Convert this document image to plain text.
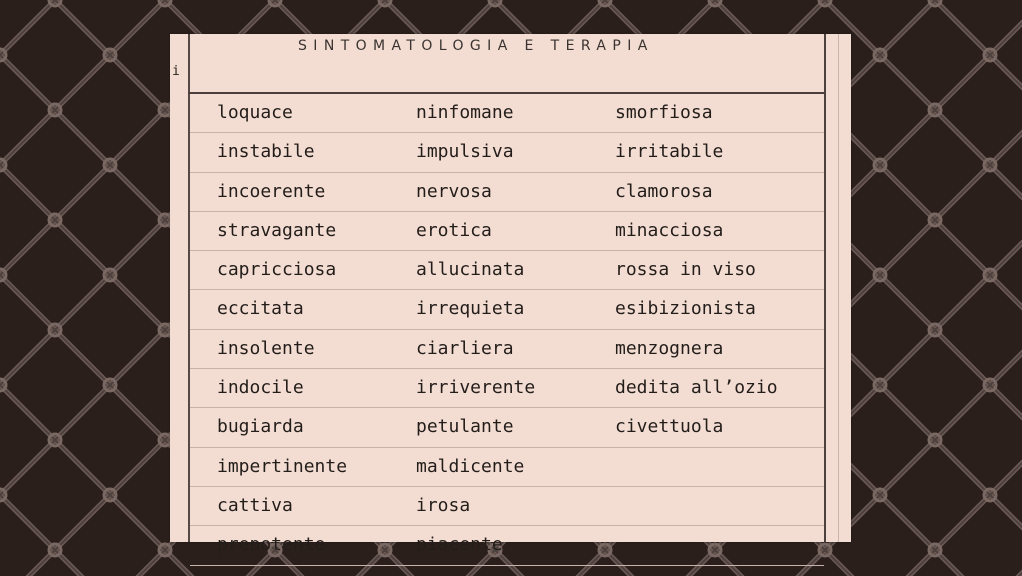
i
SINTOMATOLOGIA E TERAPIA
loquace	ninfomane	smorfiosa
instabile	impulsiva	irritabile
incoerente	nervosa	clamorosa
stravagante	erotica	minacciosa
capricciosa	allucinata	rossa in viso
eccitata	irrequieta	esibizionista
insolente	ciarliera	menzognera
indocile	irriverente	dedita all’ozio
bugiarda	petulante	civettuola
impertinente	maldicente
cattiva	irosa
prepotente	piacente
